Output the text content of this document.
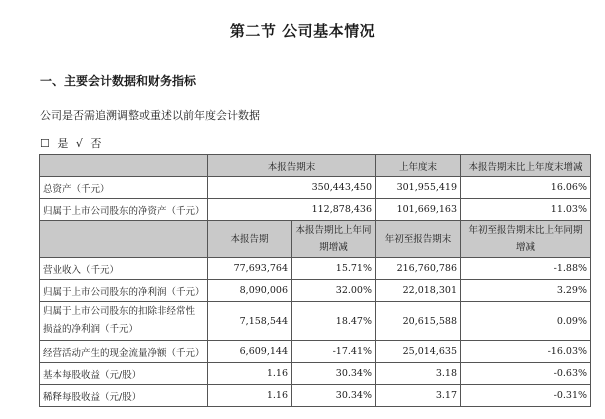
第二节 公司基本情况
一、主要会计数据和财务指标
公司是否需追溯调整或重述以前年度会计数据
☐ 是 √ 否
	本报告期末		上年度末	本报告期末比上年度末增减
总资产（千元）	350,443,450		301,955,419	16.06%
归属于上市公司股东的净资产（千元）	112,878,436		101,669,163	11.03%
	本报告期	本报告期比上年同期增减	年初至报告期末	年初至报告期末比上年同期增减
营业收入（千元）	77,693,764	15.71%	216,760,786	-1.88%
归属于上市公司股东的净利润（千元）	8,090,006	32.00%	22,018,301	3.29%
归属于上市公司股东的扣除非经常性损益的净利润（千元）	7,158,544	18.47%	20,615,588	0.09%
经营活动产生的现金流量净额（千元）	6,609,144	-17.41%	25,014,635	-16.03%
基本每股收益（元/股）	1.16	30.34%	3.18	-0.63%
稀释每股收益（元/股）	1.16	30.34%	3.17	-0.31%
